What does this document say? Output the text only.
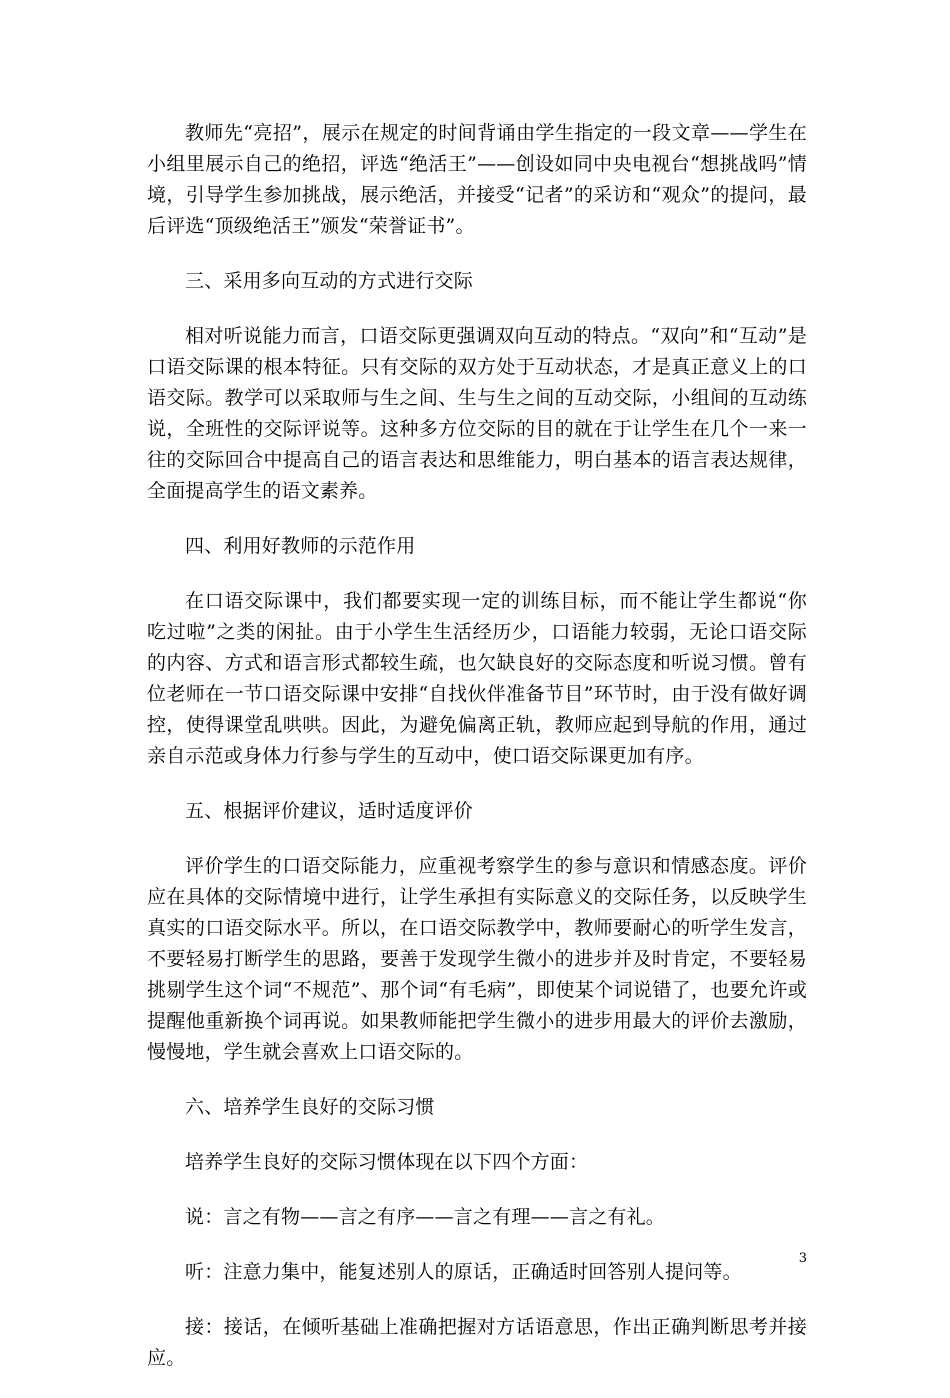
教师先“亮招”，展示在规定的时间背诵由学生指定的一段文章——学生在小组里展示自己的绝招，评选“绝活王”——创设如同中央电视台“想挑战吗”情境，引导学生参加挑战，展示绝活，并接受“记者”的采访和“观众”的提问，最后评选“顶级绝活王”颁发“荣誉证书”。

三、采用多向互动的方式进行交际

相对听说能力而言，口语交际更强调双向互动的特点。“双向”和“互动”是口语交际课的根本特征。只有交际的双方处于互动状态，才是真正意义上的口语交际。教学可以采取师与生之间、生与生之间的互动交际，小组间的互动练说，全班性的交际评说等。这种多方位交际的目的就在于让学生在几个一来一往的交际回合中提高自己的语言表达和思维能力，明白基本的语言表达规律，全面提高学生的语文素养。

四、利用好教师的示范作用

在口语交际课中，我们都要实现一定的训练目标，而不能让学生都说“你吃过啦”之类的闲扯。由于小学生生活经历少，口语能力较弱，无论口语交际的内容、方式和语言形式都较生疏，也欠缺良好的交际态度和听说习惯。曾有位老师在一节口语交际课中安排“自找伙伴准备节目”环节时，由于没有做好调控，使得课堂乱哄哄。因此，为避免偏离正轨，教师应起到导航的作用，通过亲自示范或身体力行参与学生的互动中，使口语交际课更加有序。

五、根据评价建议，适时适度评价

评价学生的口语交际能力，应重视考察学生的参与意识和情感态度。评价应在具体的交际情境中进行，让学生承担有实际意义的交际任务，以反映学生真实的口语交际水平。所以，在口语交际教学中，教师要耐心的听学生发言，不要轻易打断学生的思路，要善于发现学生微小的进步并及时肯定，不要轻易挑剔学生这个词“不规范”、那个词“有毛病”，即使某个词说错了，也要允许或提醒他重新换个词再说。如果教师能把学生微小的进步用最大的评价去激励，慢慢地，学生就会喜欢上口语交际的。

六、培养学生良好的交际习惯

培养学生良好的交际习惯体现在以下四个方面：

说：言之有物——言之有序——言之有理——言之有礼。

听：注意力集中，能复述别人的原话，正确适时回答别人提问等。

接：接话，在倾听基础上准确把握对方话语意思，作出正确判断思考并接应。

3
